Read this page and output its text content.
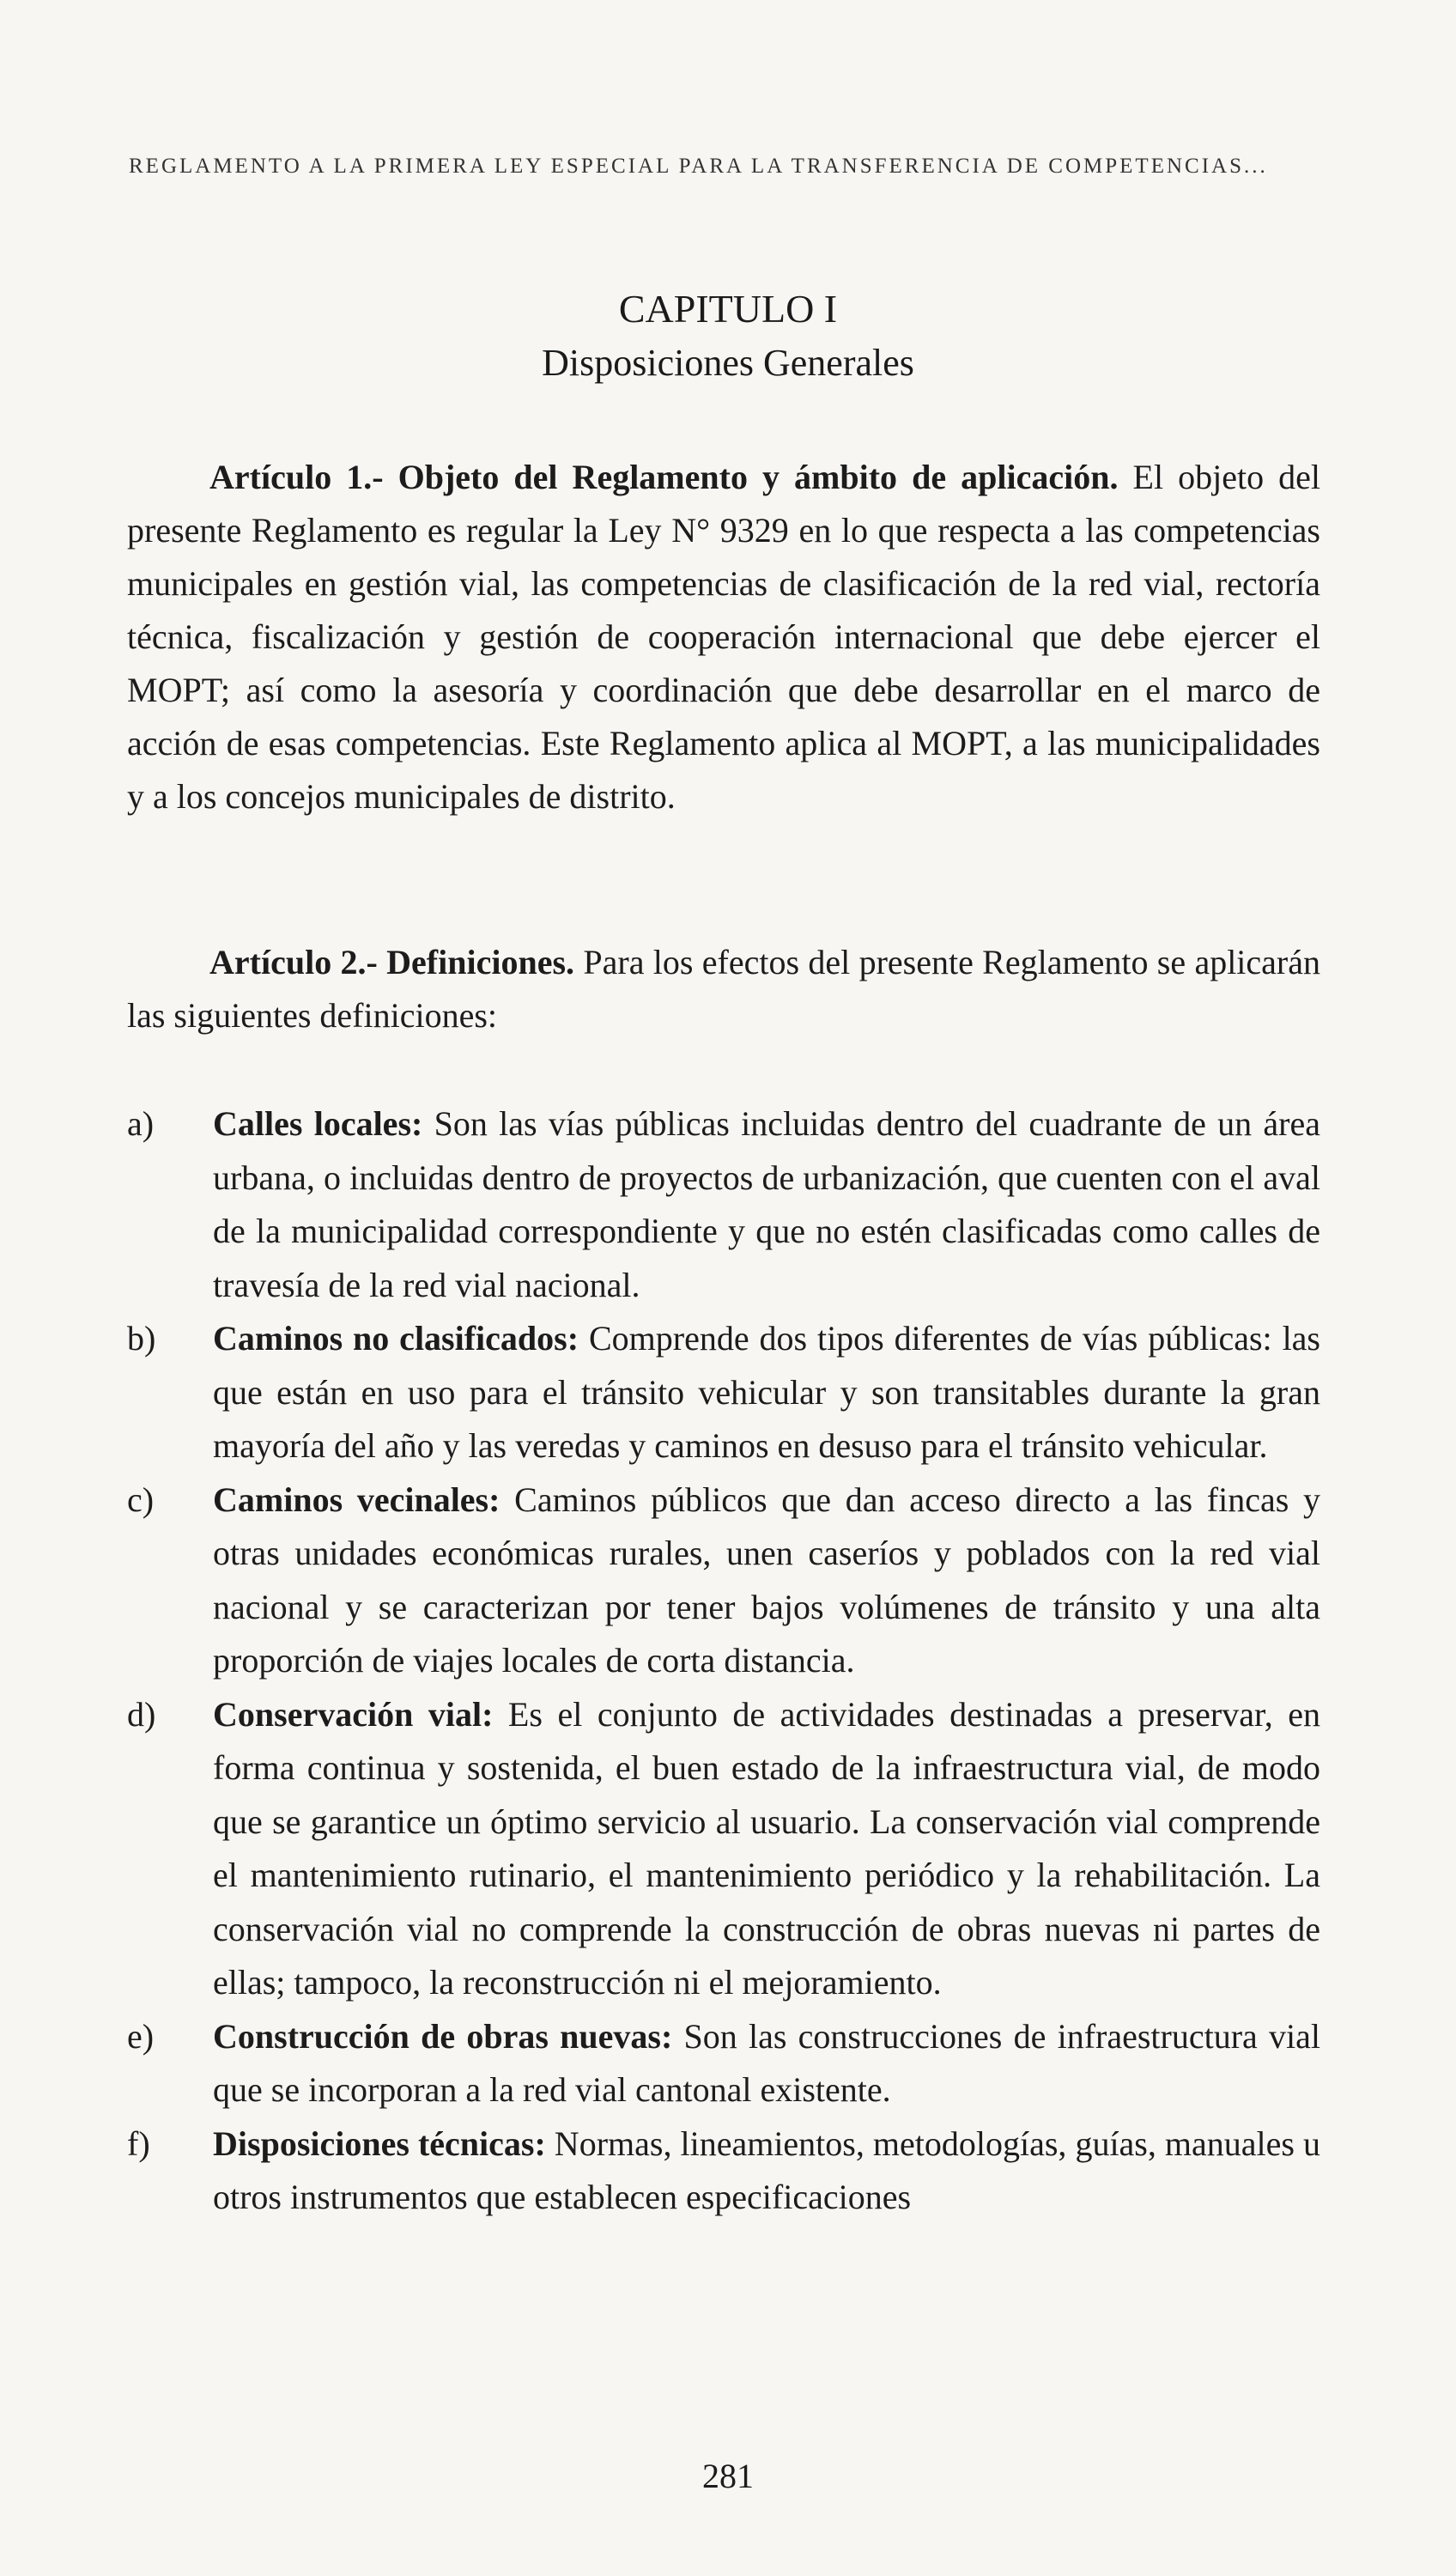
REGLAMENTO A LA PRIMERA LEY ESPECIAL PARA LA TRANSFERENCIA DE COMPETENCIAS...
CAPITULO I
Disposiciones Generales

Artículo 1.- Objeto del Reglamento y ámbito de aplicación. El objeto del presente Reglamento es regular la Ley N° 9329 en lo que respecta a las competencias municipales en gestión vial, las competencias de clasificación de la red vial, rectoría técnica, fiscalización y gestión de cooperación internacional que debe ejercer el MOPT; así como la asesoría y coordinación que debe desarrollar en el marco de acción de esas competencias. Este Reglamento aplica al MOPT, a las municipalidades y a los concejos municipales de distrito.

Artículo 2.- Definiciones. Para los efectos del presente Reglamento se aplicarán las siguientes definiciones:

a)	Calles locales: Son las vías públicas incluidas dentro del cuadrante de un área urbana, o incluidas dentro de proyectos de urbanización, que cuenten con el aval de la municipalidad correspondiente y que no estén clasificadas como calles de travesía de la red vial nacional.
b)	Caminos no clasificados: Comprende dos tipos diferentes de vías públicas: las que están en uso para el tránsito vehicular y son transitables durante la gran mayoría del año y las veredas y caminos en desuso para el tránsito vehicular.
c)	Caminos vecinales: Caminos públicos que dan acceso directo a las fincas y otras unidades económicas rurales, unen caseríos y poblados con la red vial nacional y se caracterizan por tener bajos volúmenes de tránsito y una alta proporción de viajes locales de corta distancia.
d)	Conservación vial: Es el conjunto de actividades destinadas a preservar, en forma continua y sostenida, el buen estado de la infraestructura vial, de modo que se garantice un óptimo servicio al usuario. La conservación vial comprende el mantenimiento rutinario, el mantenimiento periódico y la rehabilitación. La conservación vial no comprende la construcción de obras nuevas ni partes de ellas; tampoco, la reconstrucción ni el mejoramiento.
e)	Construcción de obras nuevas: Son las construcciones de infraestructura vial que se incorporan a la red vial cantonal existente.
f)	Disposiciones técnicas: Normas, lineamientos, metodologías, guías, manuales u otros instrumentos que establecen especificaciones
281
